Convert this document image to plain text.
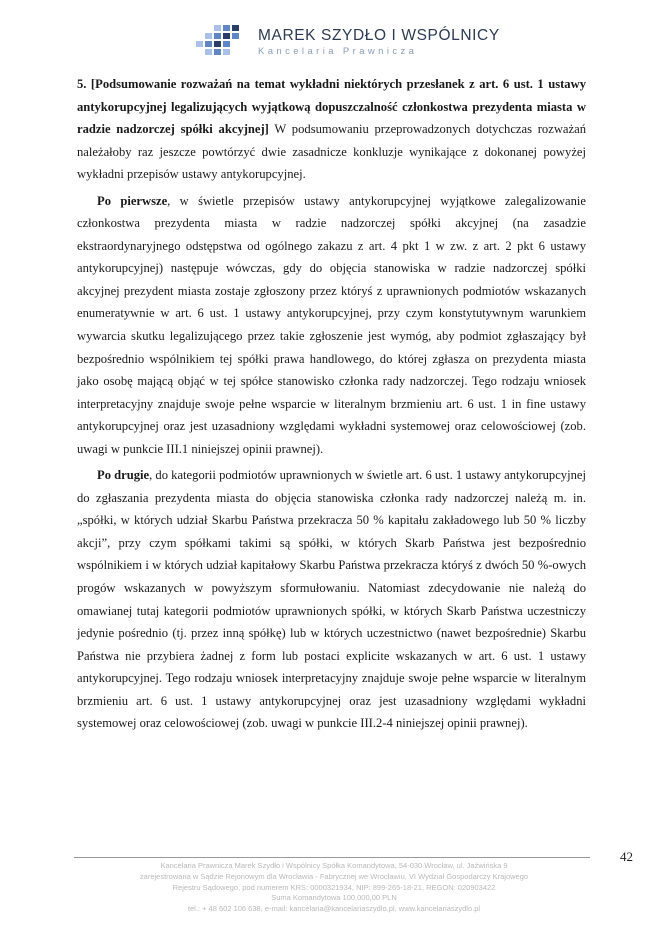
MAREK SZYDŁO I WSPÓLNICY
Kancelaria Prawnicza

5. [Podsumowanie rozważań na temat wykładni niektórych przesłanek z art. 6 ust. 1 ustawy antykorupcyjnej legalizujących wyjątkową dopuszczalność członkostwa prezydenta miasta w radzie nadzorczej spółki akcyjnej] W podsumowaniu przeprowadzonych dotychczas rozważań należałoby raz jeszcze powtórzyć dwie zasadnicze konkluzje wynikające z dokonanej powyżej wykładni przepisów ustawy antykorupcyjnej.

Po pierwsze, w świetle przepisów ustawy antykorupcyjnej wyjątkowe zalegalizowanie członkostwa prezydenta miasta w radzie nadzorczej spółki akcyjnej (na zasadzie ekstraordynaryjnego odstępstwa od ogólnego zakazu z art. 4 pkt 1 w zw. z art. 2 pkt 6 ustawy antykorupcyjnej) następuje wówczas, gdy do objęcia stanowiska w radzie nadzorczej spółki akcyjnej prezydent miasta zostaje zgłoszony przez któryś z uprawnionych podmiotów wskazanych enumeratywnie w art. 6 ust. 1 ustawy antykorupcyjnej, przy czym konstytutywnym warunkiem wywarcia skutku legalizującego przez takie zgłoszenie jest wymóg, aby podmiot zgłaszający był bezpośrednio wspólnikiem tej spółki prawa handlowego, do której zgłasza on prezydenta miasta jako osobę mającą objąć w tej spółce stanowisko członka rady nadzorczej. Tego rodzaju wniosek interpretacyjny znajduje swoje pełne wsparcie w literalnym brzmieniu art. 6 ust. 1 in fine ustawy antykorupcyjnej oraz jest uzasadniony względami wykładni systemowej oraz celowościowej (zob. uwagi w punkcie III.1 niniejszej opinii prawnej).

Po drugie, do kategorii podmiotów uprawnionych w świetle art. 6 ust. 1 ustawy antykorupcyjnej do zgłaszania prezydenta miasta do objęcia stanowiska członka rady nadzorczej należą m. in. „spółki, w których udział Skarbu Państwa przekracza 50 % kapitału zakładowego lub 50 % liczby akcji”, przy czym spółkami takimi są spółki, w których Skarb Państwa jest bezpośrednio wspólnikiem i w których udział kapitałowy Skarbu Państwa przekracza któryś z dwóch 50 %-owych progów wskazanych w powyższym sformułowaniu. Natomiast zdecydowanie nie należą do omawianej tutaj kategorii podmiotów uprawnionych spółki, w których Skarb Państwa uczestniczy jedynie pośrednio (tj. przez inną spółkę) lub w których uczestnictwo (nawet bezpośrednie) Skarbu Państwa nie przybiera żadnej z form lub postaci explicite wskazanych w art. 6 ust. 1 ustawy antykorupcyjnej. Tego rodzaju wniosek interpretacyjny znajduje swoje pełne wsparcie w literalnym brzmieniu art. 6 ust. 1 ustawy antykorupcyjnej oraz jest uzasadniony względami wykładni systemowej oraz celowościowej (zob. uwagi w punkcie III.2-4 niniejszej opinii prawnej).

42
Kancelaria Prawnicza Marek Szydło i Wspólnicy Spółka Komandytowa, 54-030 Wrocław, ul. Jaźwińska 9
zarejestrowana w Sądzie Rejonowym dla Wrocławia - Fabrycznej we Wrocławiu, VI Wydział Gospodarczy Krajowego
Rejestru Sądowego, pod numerem KRS: 0000321934, NIP: 899-265-18-21, REGON: 020903422
Suma Komandytowa 100.000,00 PLN
tel.: + 48 602 106 638, e-mail: kancelaria@kancelariaszydlo.pl, www.kancelariaszydlo.pl
